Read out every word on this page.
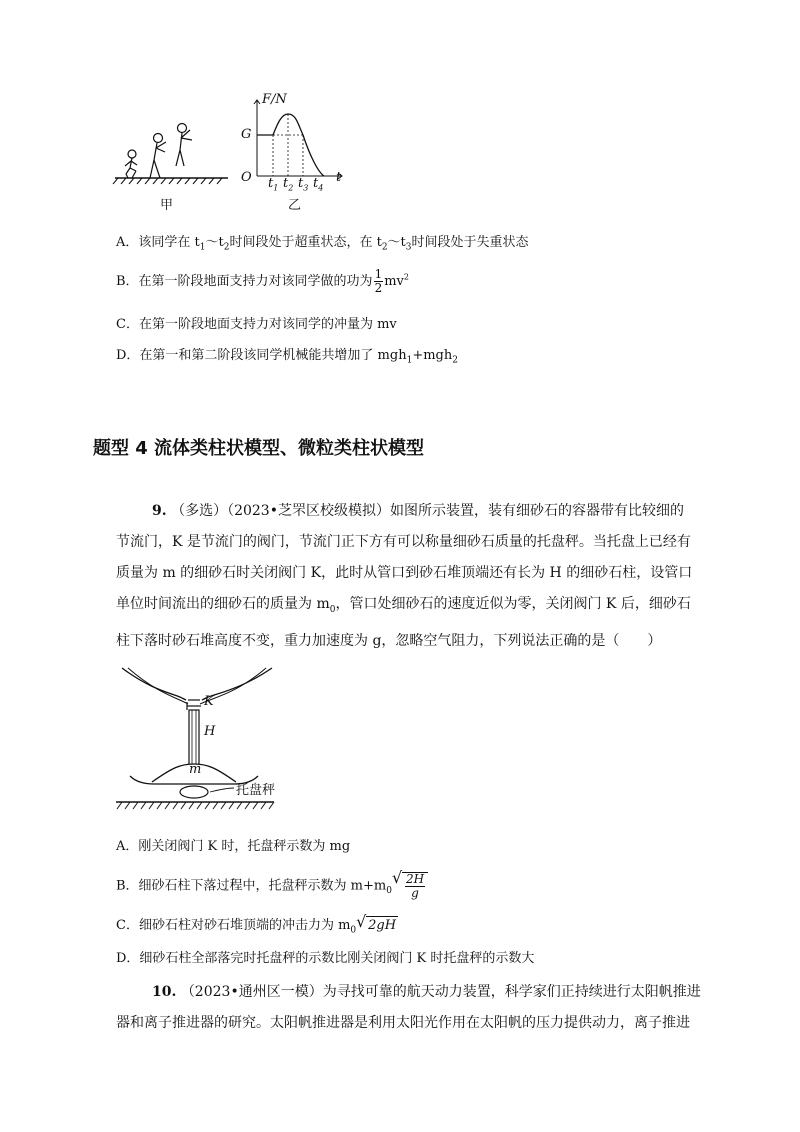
F/N
G
O	t
$t_1$ $t_2$ $t_3$ $t_4$
甲	乙
A．该同学在 $t_1\sim t_2$时间段处于超重状态，在 $t_2\sim t_3$时间段处于失重状态
B．在第一阶段地面支持力对该同学做的功为 $\frac{1}{2} mv^2$
C．在第一阶段地面支持力对该同学的冲量为 mv
D．在第一和第二阶段该同学机械能共增加了 mgh$_1$+mgh$_2$
题型 4 流体类柱状模型、微粒类柱状模型
9. （多选）（2023•芝罘区校级模拟）如图所示装置，装有细砂石的容器带有比较细的
节流门，K 是节流门的阀门，节流门正下方有可以称量细砂石质量的托盘秤。当托盘上已经有
质量为 m 的细砂石时关闭阀门 K，此时从管口到砂石堆顶端还有长为 H 的细砂石柱，设管口
单位时间流出的细砂石的质量为 $m_0$，管口处细砂石的速度近似为零，关闭阀门 K 后，细砂石
柱下落时砂石堆高度不变，重力加速度为 g，忽略空气阻力，下列说法正确的是（　　）
K
H
m
托盘秤
A．刚关闭阀门 K 时，托盘秤示数为 mg
B．细砂石柱下落过程中，托盘秤示数为 $m+m_0$
√ $\frac{2H}{g}$
C．细砂石柱对砂石堆顶端的冲击力为 $m_0√$ 2gH
D．细砂石柱全部落完时托盘秤的示数比刚关闭阀门 K 时托盘秤的示数大
10. （2023•通州区一模）为寻找可靠的航天动力装置，科学家们正持续进行太阳帆推进
器和离子推进器的研究。太阳帆推进器是利用太阳光作用在太阳帆的压力提供动力，离子推进
